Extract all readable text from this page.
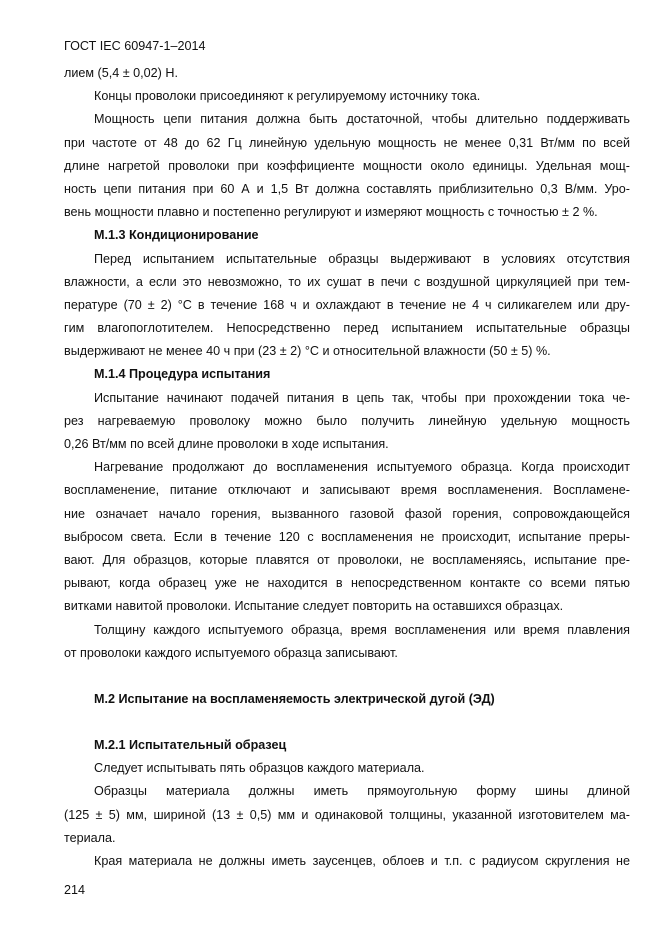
ГОСТ IEC 60947-1–2014
лием (5,4 ± 0,02) Н.
Концы проволоки присоединяют к регулируемому источнику тока.
Мощность цепи питания должна быть достаточной, чтобы длительно поддерживать
при частоте от 48 до 62 Гц линейную удельную мощность не менее 0,31 Вт/мм по всей
длине нагретой проволоки при коэффициенте мощности около единицы. Удельная мощ-
ность цепи питания при 60 А и 1,5 Вт должна составлять приблизительно 0,3 В/мм. Уро-
вень мощности плавно и постепенно регулируют и измеряют мощность с точностью ± 2 %.
М.1.3 Кондиционирование
Перед испытанием испытательные образцы выдерживают в условиях отсутствия
влажности, а если это невозможно, то их сушат в печи с воздушной циркуляцией при тем-
пературе (70 ± 2) °С в течение 168 ч и охлаждают в течение не 4 ч силикагелем или дру-
гим влагопоглотителем. Непосредственно перед испытанием испытательные образцы
выдерживают не менее 40 ч при (23 ± 2) °С и относительной влажности (50 ± 5) %.
М.1.4 Процедура испытания
Испытание начинают подачей питания в цепь так, чтобы при прохождении тока че-
рез нагреваемую проволоку можно было получить линейную удельную мощность
0,26 Вт/мм по всей длине проволоки в ходе испытания.
Нагревание продолжают до воспламенения испытуемого образца. Когда происходит
воспламенение, питание отключают и записывают время воспламенения. Воспламене-
ние означает начало горения, вызванного газовой фазой горения, сопровождающейся
выбросом света. Если в течение 120 с воспламенения не происходит, испытание преры-
вают. Для образцов, которые плавятся от проволоки, не воспламеняясь, испытание пре-
рывают, когда образец уже не находится в непосредственном контакте со всеми пятью
витками навитой проволоки. Испытание следует повторить на оставшихся образцах.
Толщину каждого испытуемого образца, время воспламенения или время плавления
от проволоки каждого испытуемого образца записывают.
М.2 Испытание на воспламеняемость электрической дугой (ЭД)
М.2.1 Испытательный образец
Следует испытывать пять образцов каждого материала.
Образцы материала должны иметь прямоугольную форму шины длиной
(125 ± 5) мм, шириной (13 ± 0,5) мм и одинаковой толщины, указанной изготовителем ма-
териала.
Края материала не должны иметь заусенцев, облоев и т.п. с радиусом скругления не
214
